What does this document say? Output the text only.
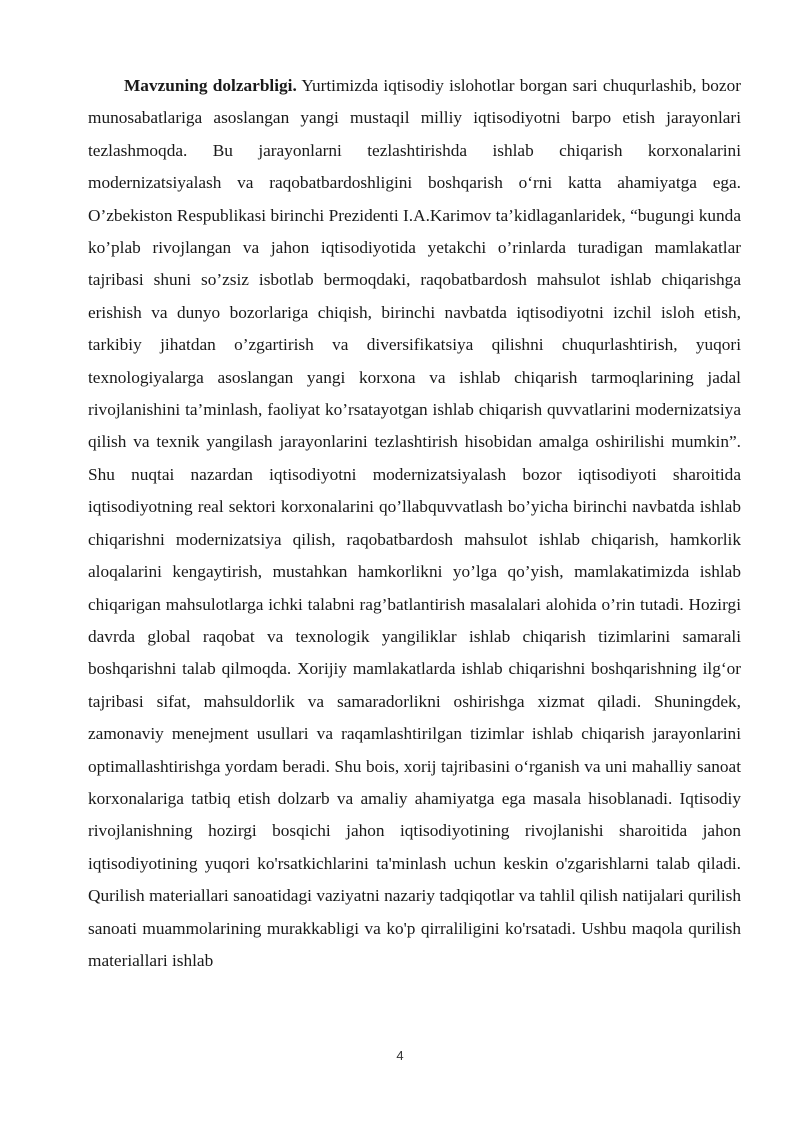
Mavzuning dolzarbligi. Yurtimizda iqtisodiy islohotlar borgan sari chuqurlashib, bozor munosabatlariga asoslangan yangi mustaqil milliy iqtisodiyotni barpo etish jarayonlari tezlashmoqda. Bu jarayonlarni tezlashtirishda ishlab chiqarish korxonalarini modernizatsiyalash va raqobatbardoshligini boshqarish o‘rni katta ahamiyatga ega. O’zbekiston Respublikasi birinchi Prezidenti I.A.Karimov ta’kidlaganlaridek, “bugungi kunda ko’plab rivojlangan va jahon iqtisodiyotida yetakchi o’rinlarda turadigan mamlakatlar tajribasi shuni so’zsiz isbotlab bermoqdaki, raqobatbardosh mahsulot ishlab chiqarishga erishish va dunyo bozorlariga chiqish, birinchi navbatda iqtisodiyotni izchil isloh etish, tarkibiy jihatdan o’zgartirish va diversifikatsiya qilishni chuqurlashtirish, yuqori texnologiyalarga asoslangan yangi korxona va ishlab chiqarish tarmoqlarining jadal rivojlanishini ta’minlash, faoliyat ko’rsatayotgan ishlab chiqarish quvvatlarini modernizatsiya qilish va texnik yangilash jarayonlarini tezlashtirish hisobidan amalga oshirilishi mumkin”. Shu nuqtai nazardan iqtisodiyotni modernizatsiyalash bozor iqtisodiyoti sharoitida iqtisodiyotning real sektori korxonalarini qo’llabquvvatlash bo’yicha birinchi navbatda ishlab chiqarishni modernizatsiya qilish, raqobatbardosh mahsulot ishlab chiqarish, hamkorlik aloqalarini kengaytirish, mustahkan hamkorlikni yo’lga qo’yish, mamlakatimizda ishlab chiqarigan mahsulotlarga ichki talabni rag’batlantirish masalalari alohida o’rin tutadi. Hozirgi davrda global raqobat va texnologik yangiliklar ishlab chiqarish tizimlarini samarali boshqarishni talab qilmoqda. Xorijiy mamlakatlarda ishlab chiqarishni boshqarishning ilg‘or tajribasi sifat, mahsuldorlik va samaradorlikni oshirishga xizmat qiladi. Shuningdek, zamonaviy menejment usullari va raqamlashtirilgan tizimlar ishlab chiqarish jarayonlarini optimallashtirishga yordam beradi. Shu bois, xorij tajribasini o‘rganish va uni mahalliy sanoat korxonalariga tatbiq etish dolzarb va amaliy ahamiyatga ega masala hisoblanadi. Iqtisodiy rivojlanishning hozirgi bosqichi jahon iqtisodiyotining rivojlanishi sharoitida jahon iqtisodiyotining yuqori ko'rsatkichlarini ta'minlash uchun keskin o'zgarishlarni talab qiladi. Qurilish materiallari sanoatidagi vaziyatni nazariy tadqiqotlar va tahlil qilish natijalari qurilish sanoati muammolarining murakkabligi va ko'p qirraliligini ko'rsatadi. Ushbu maqola qurilish materiallari ishlab

4
